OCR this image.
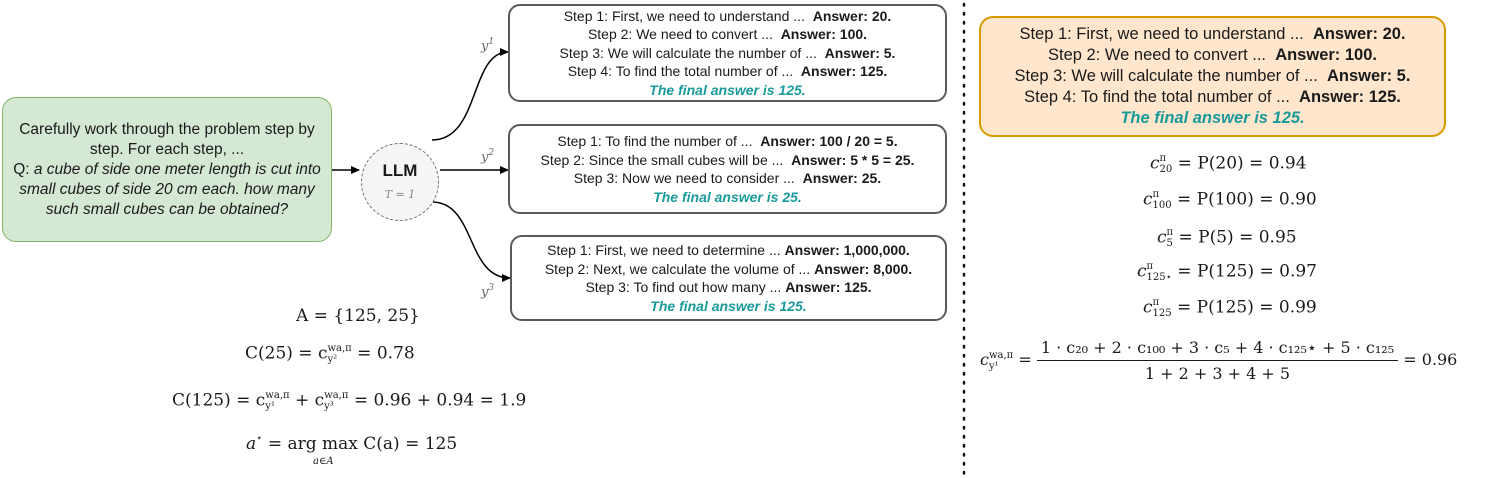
Carefully work through the problem step by step. For each step, ...
Q: a cube of side one meter length is cut into small cubes of side 20 cm each. how many such small cubes can be obtained?
LLM
T = 1
$y^1$
$y^2$
$y^3$
Step 1: First, we need to understand ... Answer: 20.
Step 2: We need to convert ... Answer: 100.
Step 3: We will calculate the number of ... Answer: 5.
Step 4: To find the total number of ... Answer: 125.
The final answer is 125.
Step 1: To find the number of ... Answer: 100 / 20 = 5.
Step 2: Since the small cubes will be ... Answer: 5 * 5 = 25.
Step 3: Now we need to consider ... Answer: 25.
The final answer is 25.
Step 1: First, we need to determine ... Answer: 1,000,000.
Step 2: Next, we calculate the volume of ... Answer: 8,000.
Step 3: To find out how many ... Answer: 125.
The final answer is 125.
A = {125, 25}
C(25) = c wa,π
y²	= 0.78
C(125) = c wa,π
y¹	+ c wa,π
y³	= 0.96 + 0.94 = 1.9
a⋆ = arg max C(a) = 125
a∈A
Step 1: First, we need to understand ... Answer: 20.
Step 2: We need to convert ... Answer: 100.
Step 3: We will calculate the number of ... Answer: 5.
Step 4: To find the total number of ... Answer: 125.
The final answer is 125.
c π
20 = P(20) = 0.94
c π
100 = P(100) = 0.90
c π
5 = P(5) = 0.95
c π
125⋆ = P(125) = 0.97
c π
125 = P(125) = 0.99
c wa,π
$y^1 = \frac{\text{1 · c₂₀ + 2 · c₁₀₀ + 3 · c₅ + 4 · c₁₂₅⋆ + 5 · c₁₂₅}}{1 + 2 + 3 + 4 + 5} = 0.96$
